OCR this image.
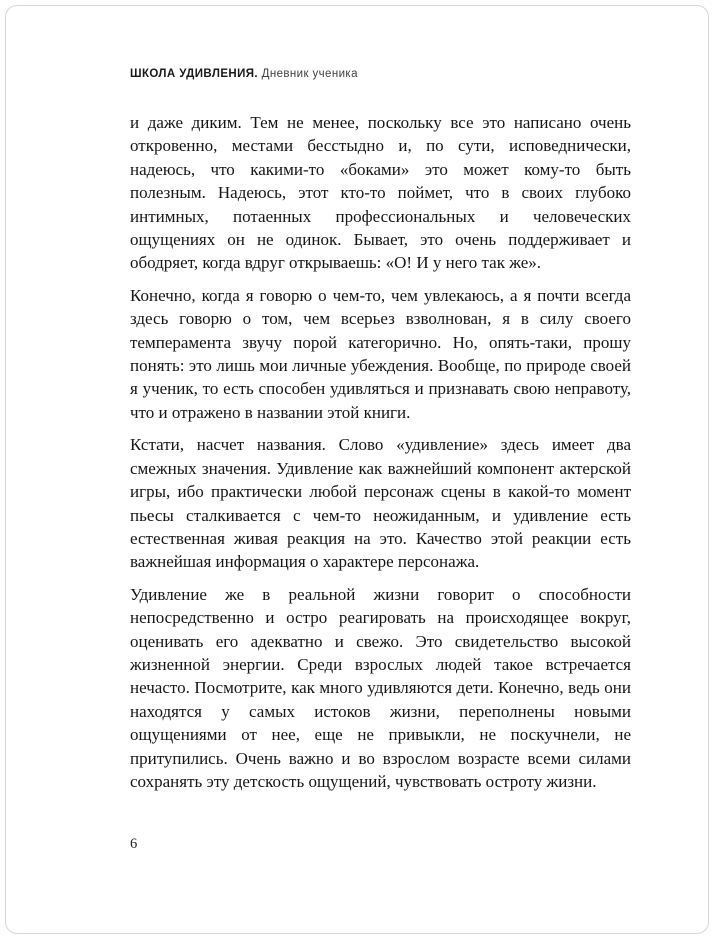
ШКОЛА УДИВЛЕНИЯ. Дневник ученика

и даже диким. Тем не менее, поскольку все это написано очень откровенно, местами бесстыдно и, по сути, исповеднически, надеюсь, что какими-то «боками» это может кому-то быть полезным. Надеюсь, этот кто-то поймет, что в своих глубоко интимных, потаенных профессиональных и человеческих ощущениях он не одинок. Бывает, это очень поддерживает и ободряет, когда вдруг открываешь: «О! И у него так же».

Конечно, когда я говорю о чем-то, чем увлекаюсь, а я почти всегда здесь говорю о том, чем всерьез взволнован, я в силу своего темперамента звучу порой категорично. Но, опять-таки, прошу понять: это лишь мои личные убеждения. Вообще, по природе своей я ученик, то есть способен удивляться и признавать свою неправоту, что и отражено в названии этой книги.

Кстати, насчет названия. Слово «удивление» здесь имеет два смежных значения. Удивление как важнейший компонент актерской игры, ибо практически любой персонаж сцены в какой-то момент пьесы сталкивается с чем-то неожиданным, и удивление есть естественная живая реакция на это. Качество этой реакции есть важнейшая информация о характере персонажа.

Удивление же в реальной жизни говорит о способности непосредственно и остро реагировать на происходящее вокруг, оценивать его адекватно и свежо. Это свидетельство высокой жизненной энергии. Среди взрослых людей такое встречается нечасто. Посмотрите, как много удивляются дети. Конечно, ведь они находятся у самых истоков жизни, переполнены новыми ощущениями от нее, еще не привыкли, не поскучнели, не притупились. Очень важно и во взрослом возрасте всеми силами сохранять эту детскость ощущений, чувствовать остроту жизни.

6
